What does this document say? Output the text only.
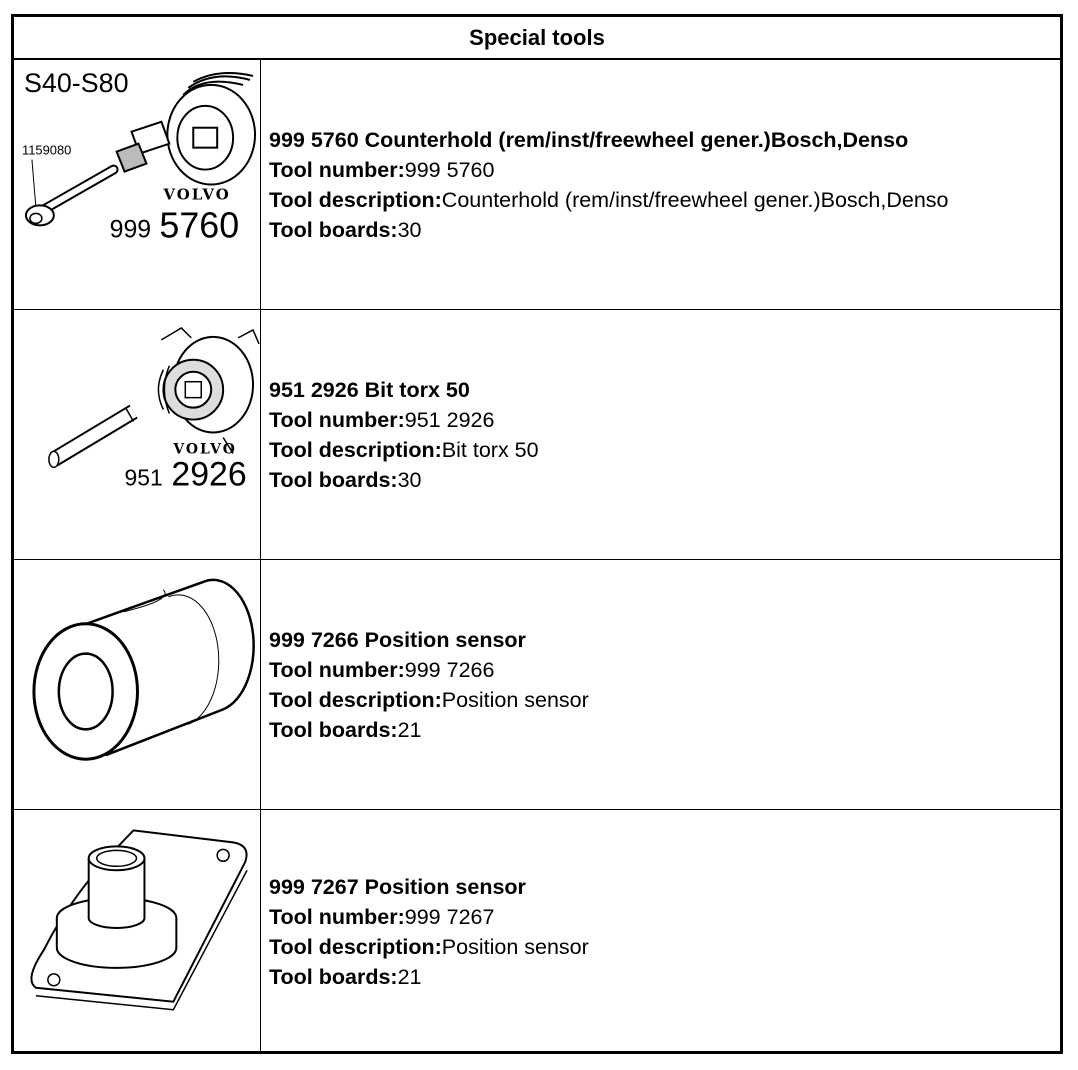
Special tools
S40-S80
1159080
VOLVO
999 5760
999 5760 Counterhold (rem/inst/freewheel gener.)Bosch,Denso
Tool number:999 5760
Tool description:Counterhold (rem/inst/freewheel gener.)Bosch,Denso
Tool boards:30
VOLVO
951 2926
951 2926 Bit torx 50
Tool number:951 2926
Tool description:Bit torx 50
Tool boards:30
999 7266 Position sensor
Tool number:999 7266
Tool description:Position sensor
Tool boards:21
999 7267 Position sensor
Tool number:999 7267
Tool description:Position sensor
Tool boards:21
